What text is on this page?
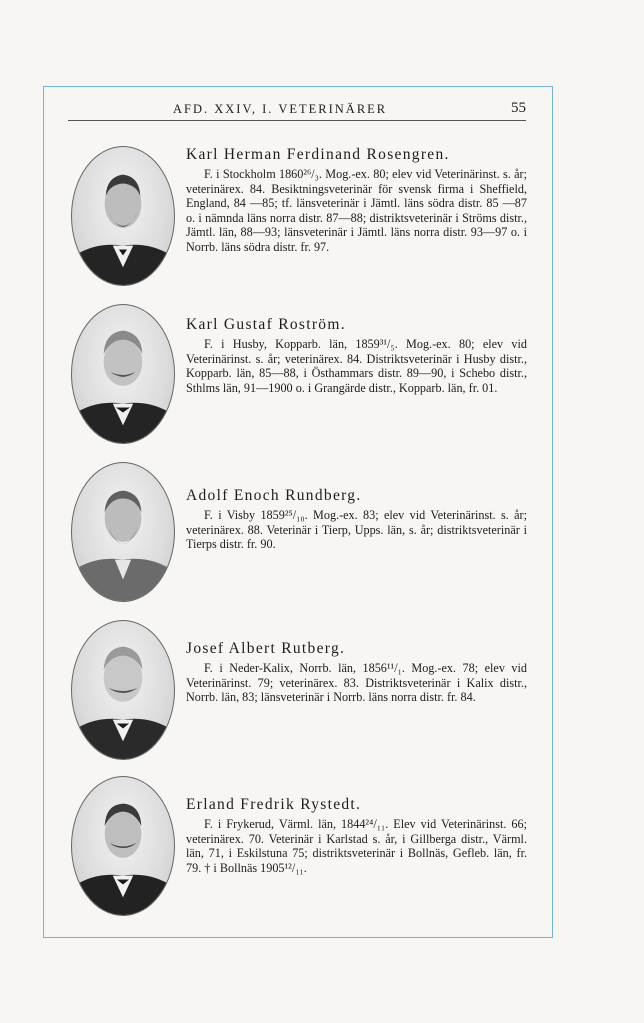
AFD. XXIV, I. VETERINÄRER	55
Karl Herman Ferdinand Rosengren.

F. i Stockholm 1860²⁶/₃. Mog.-ex. 80; elev vid Veterinärinst. s. år; veterinärex. 84. Besiktningsveterinär för svensk firma i Sheffield, England, 84 —85; tf. länsveterinär i Jämtl. läns södra distr. 85 —87 o. i nämnda läns norra distr. 87—88; distriktsveterinär i Ströms distr., Jämtl. län, 88—93; länsveterinär i Jämtl. läns norra distr. 93—97 o. i Norrb. läns södra distr. fr. 97.

Karl Gustaf Roström.

F. i Husby, Kopparb. län, 1859³¹/₅. Mog.-ex. 80; elev vid Veterinärinst. s. år; veterinärex. 84. Distriktsveterinär i Husby distr., Kopparb. län, 85—88, i Östhammars distr. 89—90, i Schebo distr., Sthlms län, 91—1900 o. i Grangärde distr., Kopparb. län, fr. 01.

Adolf Enoch Rundberg.

F. i Visby 1859²⁵/₁₀. Mog.-ex. 83; elev vid Veterinärinst. s. år; veterinärex. 88. Veterinär i Tierp, Upps. län, s. år; distriktsveterinär i Tierps distr. fr. 90.

Josef Albert Rutberg.

F. i Neder-Kalix, Norrb. län, 1856¹¹/₁. Mog.-ex. 78; elev vid Veterinärinst. 79; veterinärex. 83. Distriktsveterinär i Kalix distr., Norrb. län, 83; länsveterinär i Norrb. läns norra distr. fr. 84.

Erland Fredrik Rystedt.

F. i Frykerud, Värml. län, 1844²⁴/₁₁. Elev vid Veterinärinst. 66; veterinärex. 70. Veterinär i Karlstad s. år, i Gillberga distr., Värml. län, 71, i Eskilstuna 75; distriktsveterinär i Bollnäs, Gefleb. län, fr. 79. † i Bollnäs 1905¹²/₁₁.
